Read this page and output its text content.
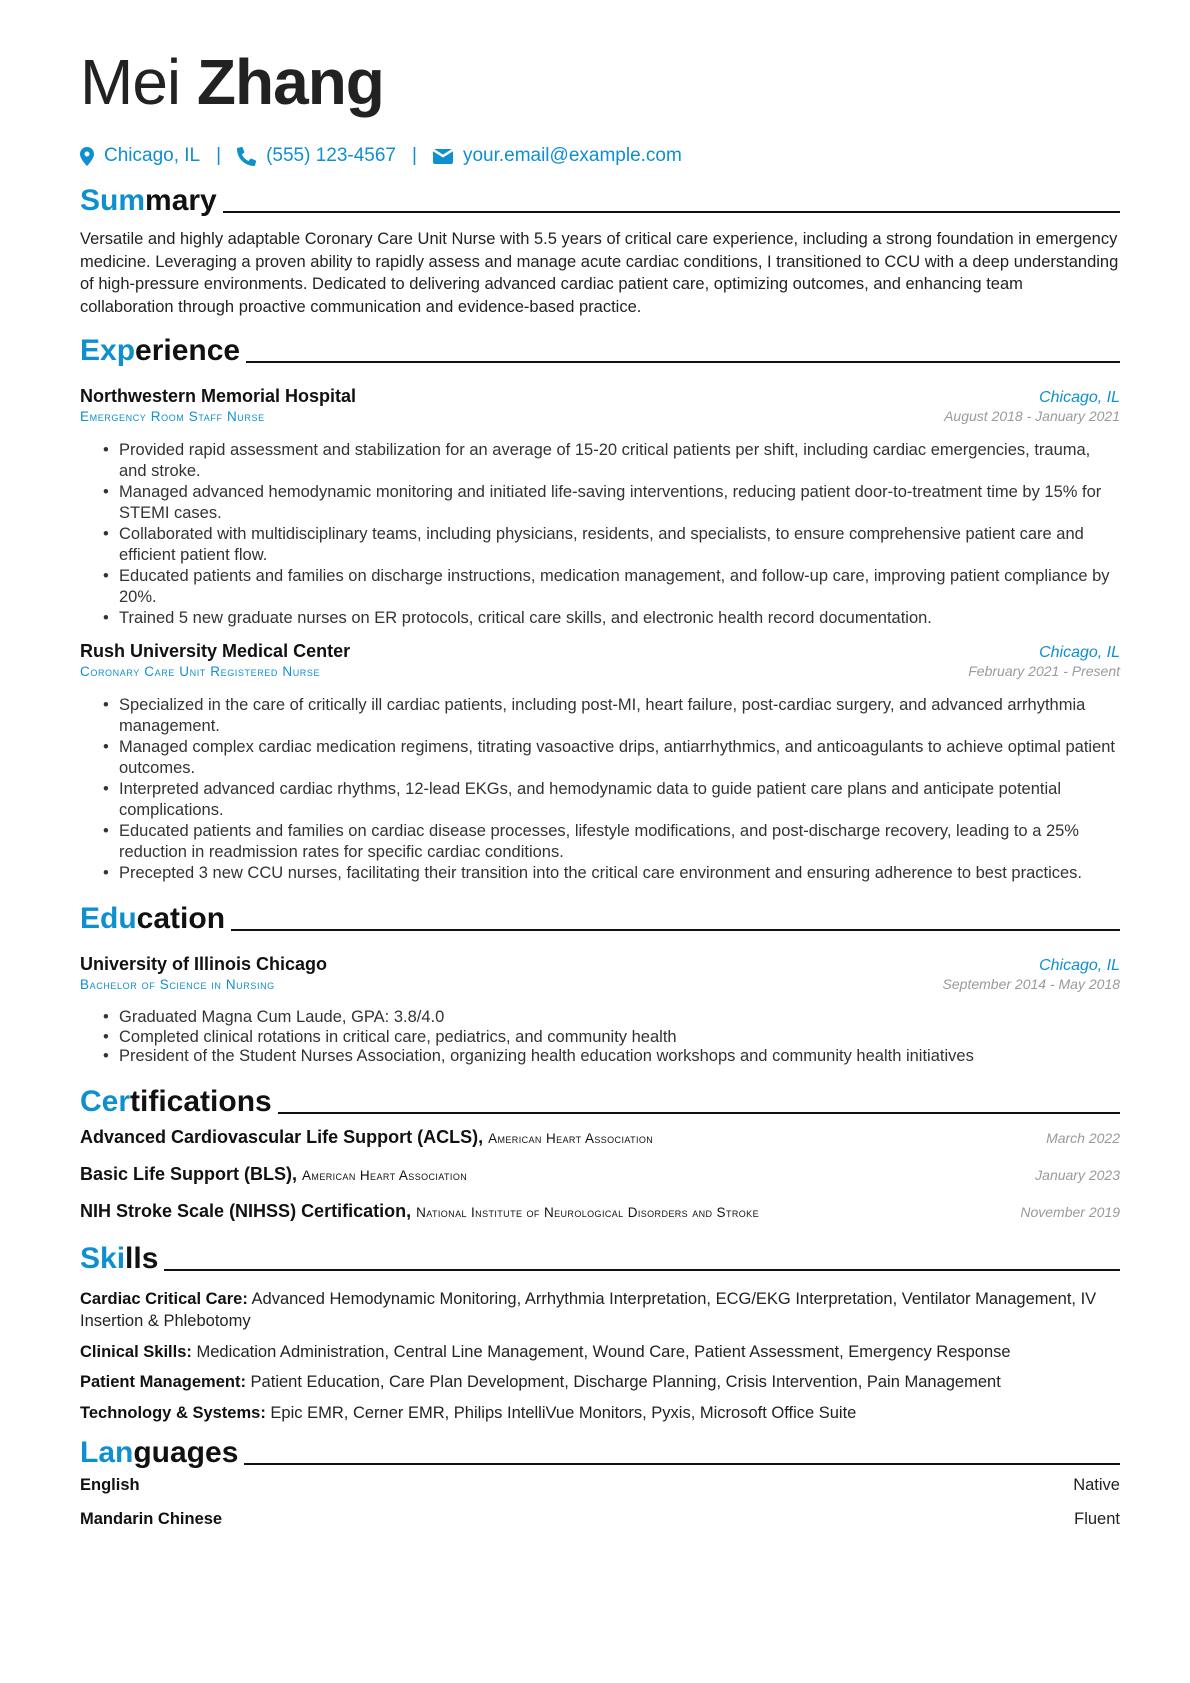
Mei Zhang
Chicago, IL | (555) 123-4567 | your.email@example.com
Summary

Versatile and highly adaptable Coronary Care Unit Nurse with 5.5 years of critical care experience, including a strong foundation in emergency medicine. Leveraging a proven ability to rapidly assess and manage acute cardiac conditions, I transitioned to CCU with a deep understanding of high-pressure environments. Dedicated to delivering advanced cardiac patient care, optimizing outcomes, and enhancing team collaboration through proactive communication and evidence-based practice.

Experience
Northwestern Memorial Hospital	Chicago, IL
Emergency Room Staff Nurse	August 2018 - January 2021
• Provided rapid assessment and stabilization for an average of 15-20 critical patients per shift, including cardiac emergencies, trauma, and stroke.
• Managed advanced hemodynamic monitoring and initiated life-saving interventions, reducing patient door-to-treatment time by 15% for STEMI cases.
• Collaborated with multidisciplinary teams, including physicians, residents, and specialists, to ensure comprehensive patient care and efficient patient flow.
• Educated patients and families on discharge instructions, medication management, and follow-up care, improving patient compliance by 20%.
• Trained 5 new graduate nurses on ER protocols, critical care skills, and electronic health record documentation.
Rush University Medical Center	Chicago, IL
Coronary Care Unit Registered Nurse	February 2021 - Present
• Specialized in the care of critically ill cardiac patients, including post-MI, heart failure, post-cardiac surgery, and advanced arrhythmia management.
• Managed complex cardiac medication regimens, titrating vasoactive drips, antiarrhythmics, and anticoagulants to achieve optimal patient outcomes.
• Interpreted advanced cardiac rhythms, 12-lead EKGs, and hemodynamic data to guide patient care plans and anticipate potential complications.
• Educated patients and families on cardiac disease processes, lifestyle modifications, and post-discharge recovery, leading to a 25% reduction in readmission rates for specific cardiac conditions.
• Precepted 3 new CCU nurses, facilitating their transition into the critical care environment and ensuring adherence to best practices.
Education
University of Illinois Chicago	Chicago, IL
Bachelor of Science in Nursing	September 2014 - May 2018
• Graduated Magna Cum Laude, GPA: 3.8/4.0
• Completed clinical rotations in critical care, pediatrics, and community health
• President of the Student Nurses Association, organizing health education workshops and community health initiatives
Certifications
Advanced Cardiovascular Life Support (ACLS), American Heart Association	March 2022
Basic Life Support (BLS), American Heart Association	January 2023
NIH Stroke Scale (NIHSS) Certification, National Institute of Neurological Disorders and Stroke	November 2019
Skills

Cardiac Critical Care: Advanced Hemodynamic Monitoring, Arrhythmia Interpretation, ECG/EKG Interpretation, Ventilator Management, IV Insertion & Phlebotomy

Clinical Skills: Medication Administration, Central Line Management, Wound Care, Patient Assessment, Emergency Response

Patient Management: Patient Education, Care Plan Development, Discharge Planning, Crisis Intervention, Pain Management

Technology & Systems: Epic EMR, Cerner EMR, Philips IntelliVue Monitors, Pyxis, Microsoft Office Suite

Languages
English	Native
Mandarin Chinese	Fluent
